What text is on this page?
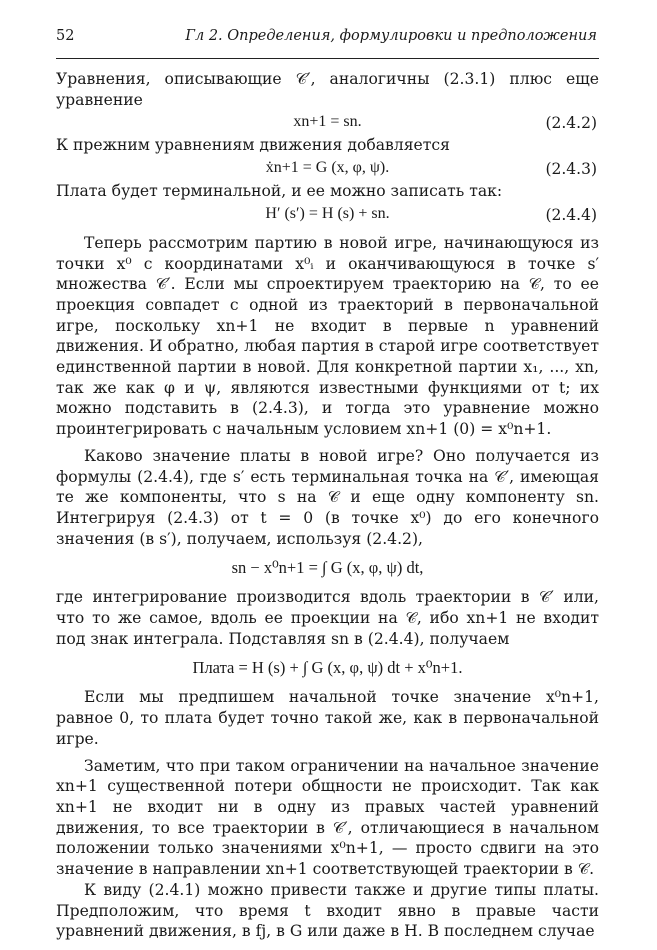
52	Гл 2. Определения, формулировки и предположения

Уравнения, описывающие 𝒞′, аналогичны (2.3.1) плюс еще уравнение

xn+1 = sn.	(2.4.2)

К прежним уравнениям движения добавляется

ẋn+1 = G (x, φ, ψ).	(2.4.3)

Плата будет терминальной, и ее можно записать так:

H′ (s′) = H (s) + sn.	(2.4.4)

Теперь рассмотрим партию в новой игре, начинающуюся из точки x⁰ с координатами x⁰ᵢ и оканчивающуюся в точке s′ множества 𝒞′. Если мы спроектируем траекторию на 𝒞, то ее проекция совпадет с одной из траекторий в первоначальной игре, поскольку xn+1 не входит в первые n уравнений движения. И обратно, любая партия в старой игре соответствует единственной партии в новой. Для конкретной партии x₁, ..., xn, так же как φ и ψ, являются известными функциями от t; их можно подставить в (2.4.3), и тогда это уравнение можно проинтегрировать с начальным условием xn+1 (0) = x⁰n+1.

Каково значение платы в новой игре? Оно получается из формулы (2.4.4), где s′ есть терминальная точка на 𝒞′, имеющая те же компоненты, что s на 𝒞 и еще одну компоненту sn. Интегрируя (2.4.3) от t = 0 (в точке x⁰) до его конечного значения (в s′), получаем, используя (2.4.2),

sn − x⁰n+1 = ∫ G (x, φ, ψ) dt,

где интегрирование производится вдоль траектории в 𝒞′ или, что то же самое, вдоль ее проекции на 𝒞, ибо xn+1 не входит под знак интеграла. Подставляя sn в (2.4.4), получаем

Плата = H (s) + ∫ G (x, φ, ψ) dt + x⁰n+1.

Если мы предпишем начальной точке значение x⁰n+1, равное 0, то плата будет точно такой же, как в первоначальной игре.

Заметим, что при таком ограничении на начальное значение xn+1 существенной потери общности не происходит. Так как xn+1 не входит ни в одну из правых частей уравнений движения, то все траектории в 𝒞′, отличающиеся в начальном положении только значениями x⁰n+1, — просто сдвиги на это значение в направлении xn+1 соответствующей траектории в 𝒞.

К виду (2.4.1) можно привести также и другие типы платы. Предположим, что время t входит явно в правые части уравнений движения, в fj, в G или даже в H. В последнем случае
